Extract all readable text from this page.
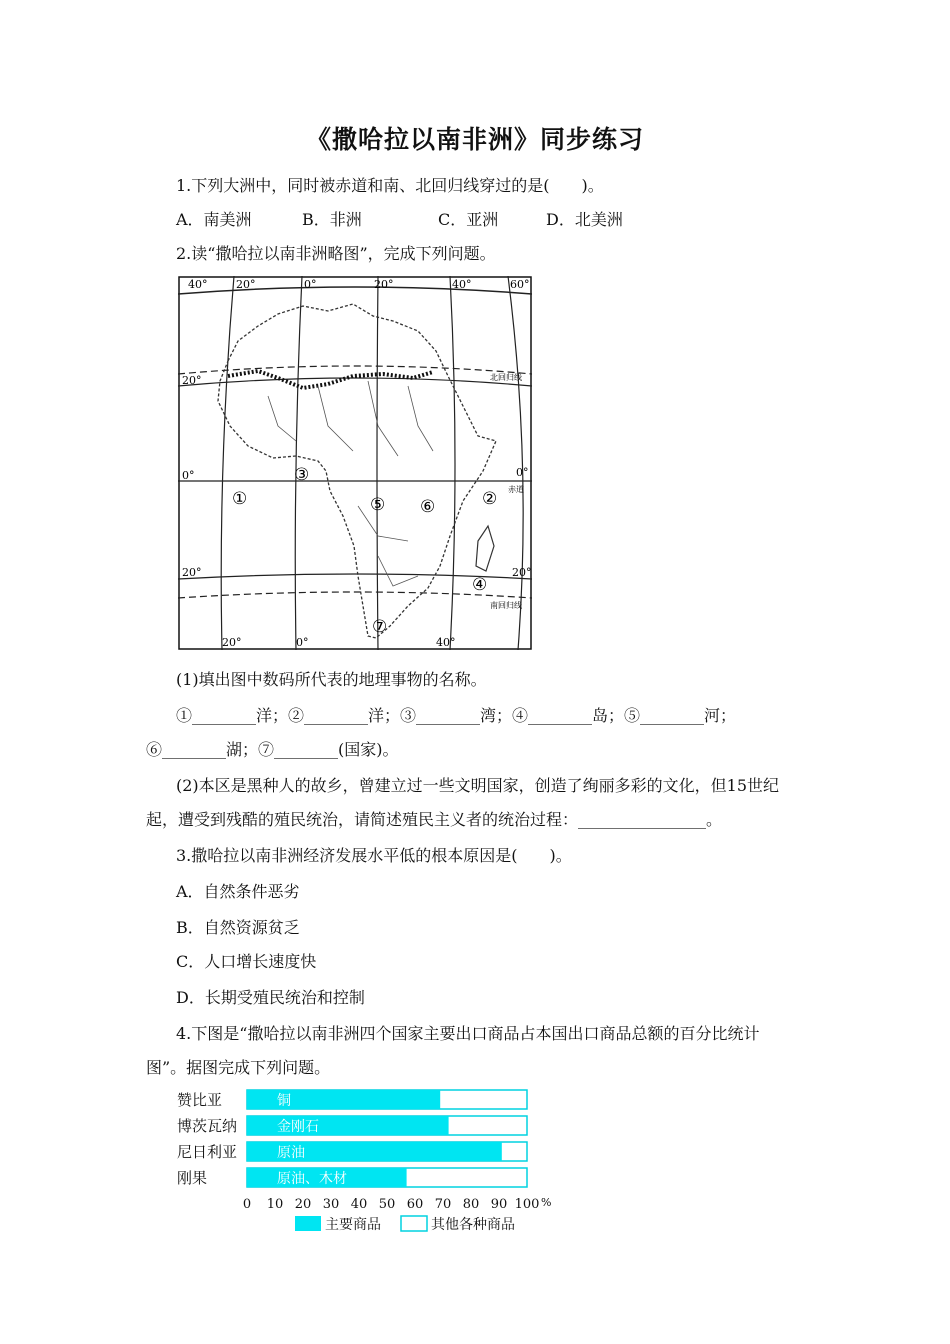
《撒哈拉以南非洲》同步练习
1.下列大洲中，同时被赤道和南、北回归线穿过的是(　　)。
A．南美洲	B．非洲	C．亚洲	D．北美洲
2.读“撒哈拉以南非洲略图”，完成下列问题。
40°	20°	0°	20°	40°	60°
20°	0°	40°
20°
0°
20°
0°
20°
北回归线
赤道
南回归线
①	②
③
④
⑤ ⑥
⑦
(1)填出图中数码所代表的地理事物的名称。
①________洋；②________洋；③________湾；④________岛；⑤________河；
⑥________湖；⑦________(国家)。
(2)本区是黑种人的故乡，曾建立过一些文明国家，创造了绚丽多彩的文化，但15世纪
起，遭受到残酷的殖民统治，请简述殖民主义者的统治过程：________________。
3.撒哈拉以南非洲经济发展水平低的根本原因是(　　)。
A．自然条件恶劣
B．自然资源贫乏
C．人口增长速度快
D．长期受殖民统治和控制
4.下图是“撒哈拉以南非洲四个国家主要出口商品占本国出口商品总额的百分比统计
图”。据图完成下列问题。
赞比亚	铜
博茨瓦纳	金刚石
尼日利亚	原油
刚果	原油、木材
0 10 20 30 40 50 60 70 80 90 100 %
主要商品	其他各种商品
